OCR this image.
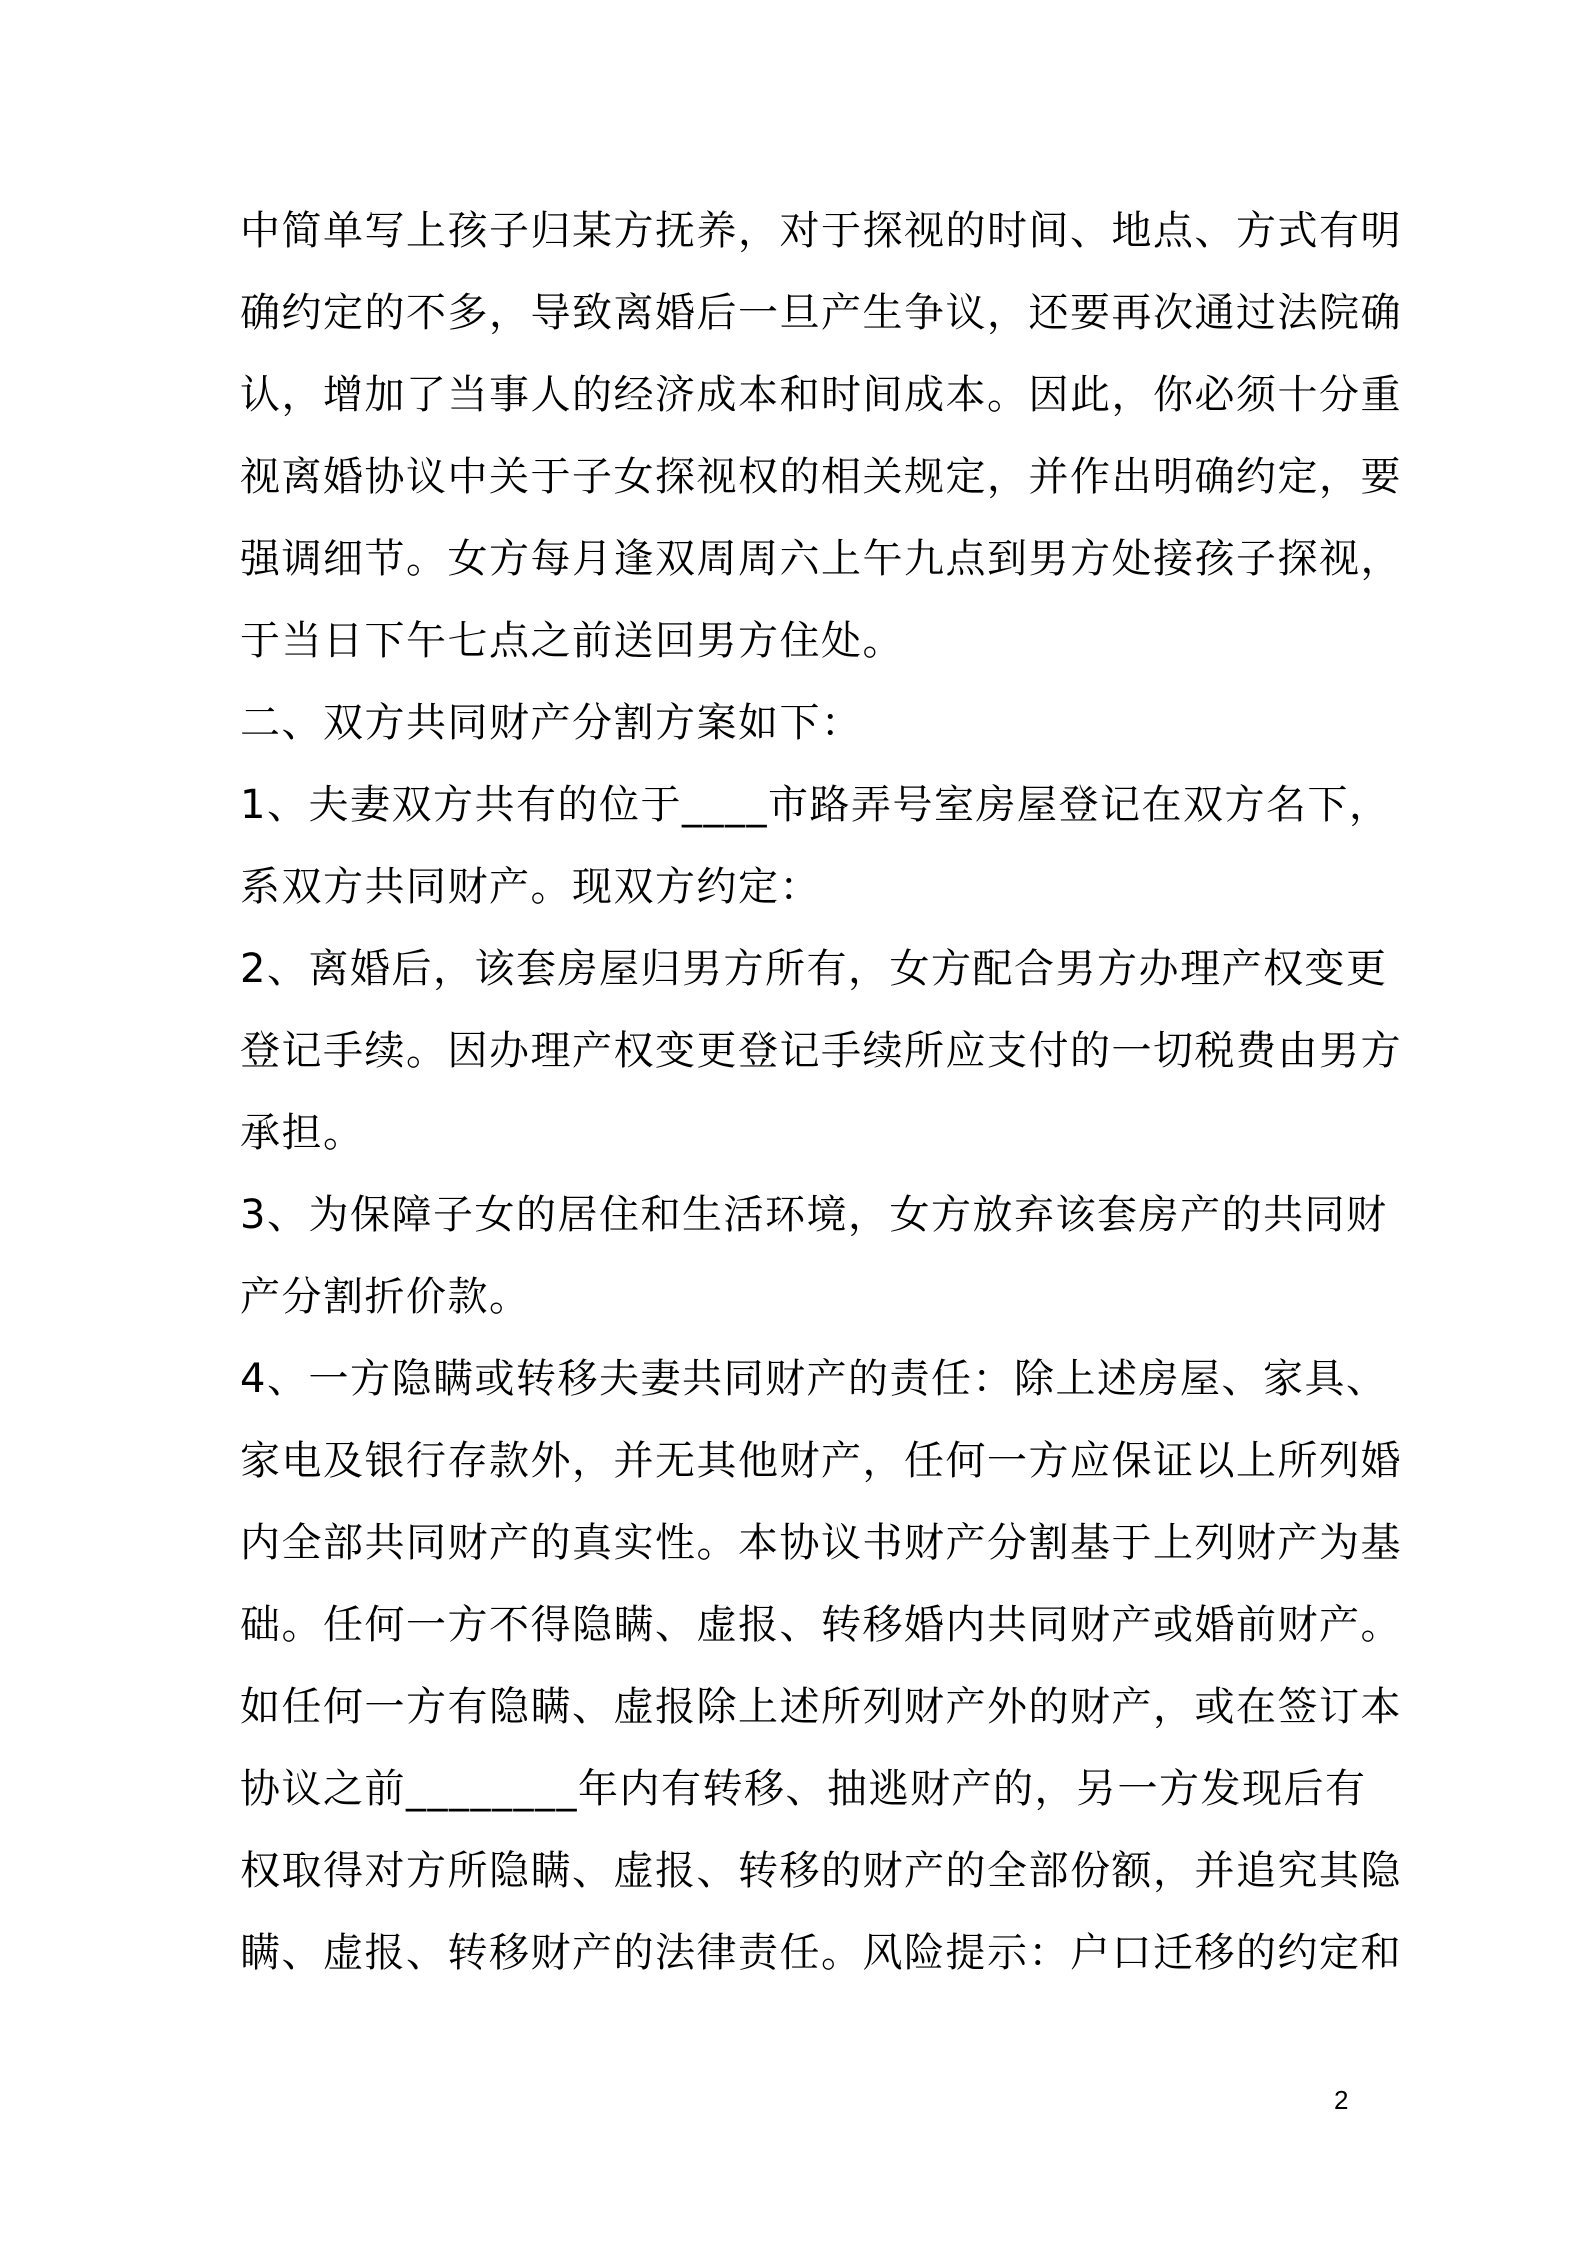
中简单写上孩子归某方抚养，对于探视的时间、地点、方式有明
确约定的不多，导致离婚后一旦产生争议，还要再次通过法院确
认，增加了当事人的经济成本和时间成本。因此，你必须十分重
视离婚协议中关于子女探视权的相关规定，并作出明确约定，要
强调细节。女方每月逢双周周六上午九点到男方处接孩子探视，
于当日下午七点之前送回男方住处。
二、双方共同财产分割方案如下：
1、夫妻双方共有的位于____市路弄号室房屋登记在双方名下，
系双方共同财产。现双方约定：
2、离婚后，该套房屋归男方所有，女方配合男方办理产权变更
登记手续。因办理产权变更登记手续所应支付的一切税费由男方
承担。
3、为保障子女的居住和生活环境，女方放弃该套房产的共同财
产分割折价款。
4、一方隐瞒或转移夫妻共同财产的责任：除上述房屋、家具、
家电及银行存款外，并无其他财产，任何一方应保证以上所列婚
内全部共同财产的真实性。本协议书财产分割基于上列财产为基
础。任何一方不得隐瞒、虚报、转移婚内共同财产或婚前财产。
如任何一方有隐瞒、虚报除上述所列财产外的财产，或在签订本
协议之前________年内有转移、抽逃财产的，另一方发现后有
权取得对方所隐瞒、虚报、转移的财产的全部份额，并追究其隐
瞒、虚报、转移财产的法律责任。风险提示：户口迁移的约定和
2
